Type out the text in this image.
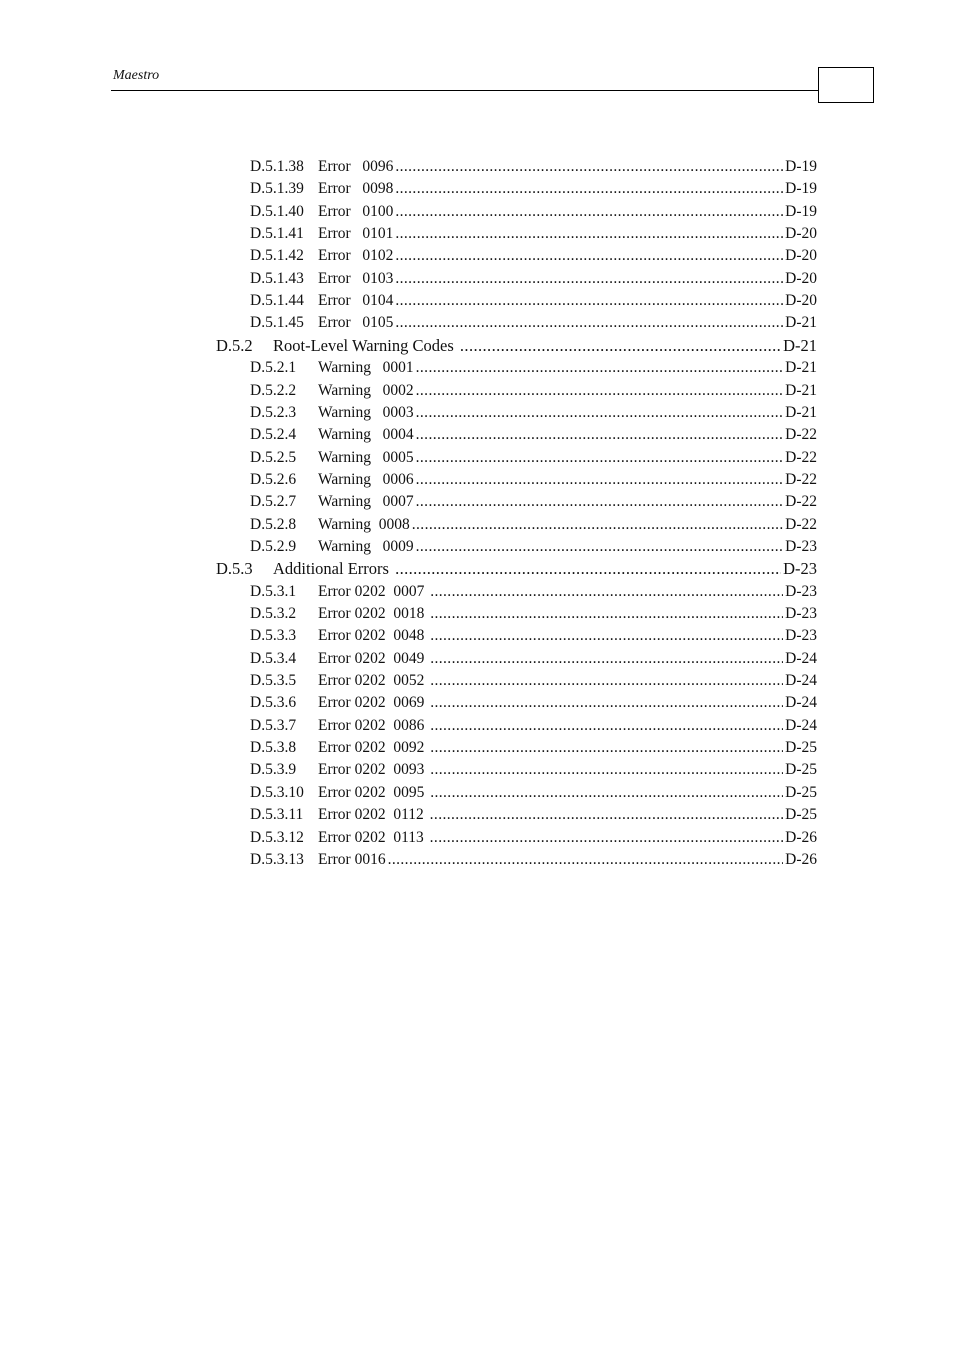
Maestro
D.5.1.38 Error   0096 .....	D-19
D.5.1.39 Error   0098 .....	D-19
D.5.1.40 Error   0100 .....	D-19
D.5.1.41 Error   0101 .....	D-20
D.5.1.42 Error   0102 .....	D-20
D.5.1.43 Error   0103 .....	D-20
D.5.1.44 Error   0104 .....	D-20
D.5.1.45 Error   0105 .....	D-21
D.5.2	Root-Level Warning Codes .....	D-21
D.5.2.1	Warning   0001 .....	D-21
D.5.2.2	Warning   0002 .....	D-21
D.5.2.3	Warning   0003 .....	D-21
D.5.2.4	Warning   0004 .....	D-22
D.5.2.5	Warning   0005 .....	D-22
D.5.2.6	Warning   0006 .....	D-22
D.5.2.7	Warning   0007 .....	D-22
D.5.2.8	Warning  0008 .....	D-22
D.5.2.9	Warning   0009 .....	D-23
D.5.3	Additional Errors .....	D-23
D.5.3.1	Error 0202  0007 .....	D-23
D.5.3.2	Error 0202  0018 .....	D-23
D.5.3.3	Error 0202  0048 .....	D-23
D.5.3.4	Error 0202  0049 .....	D-24
D.5.3.5	Error 0202  0052 .....	D-24
D.5.3.6	Error 0202  0069 .....	D-24
D.5.3.7	Error 0202  0086 .....	D-24
D.5.3.8	Error 0202  0092 .....	D-25
D.5.3.9	Error 0202  0093 .....	D-25
D.5.3.10 Error 0202  0095 .....	D-25
D.5.3.11 Error 0202  0112 .....	D-25
D.5.3.12 Error 0202  0113 .....	D-26
D.5.3.13 Error 0016 .....	D-26
